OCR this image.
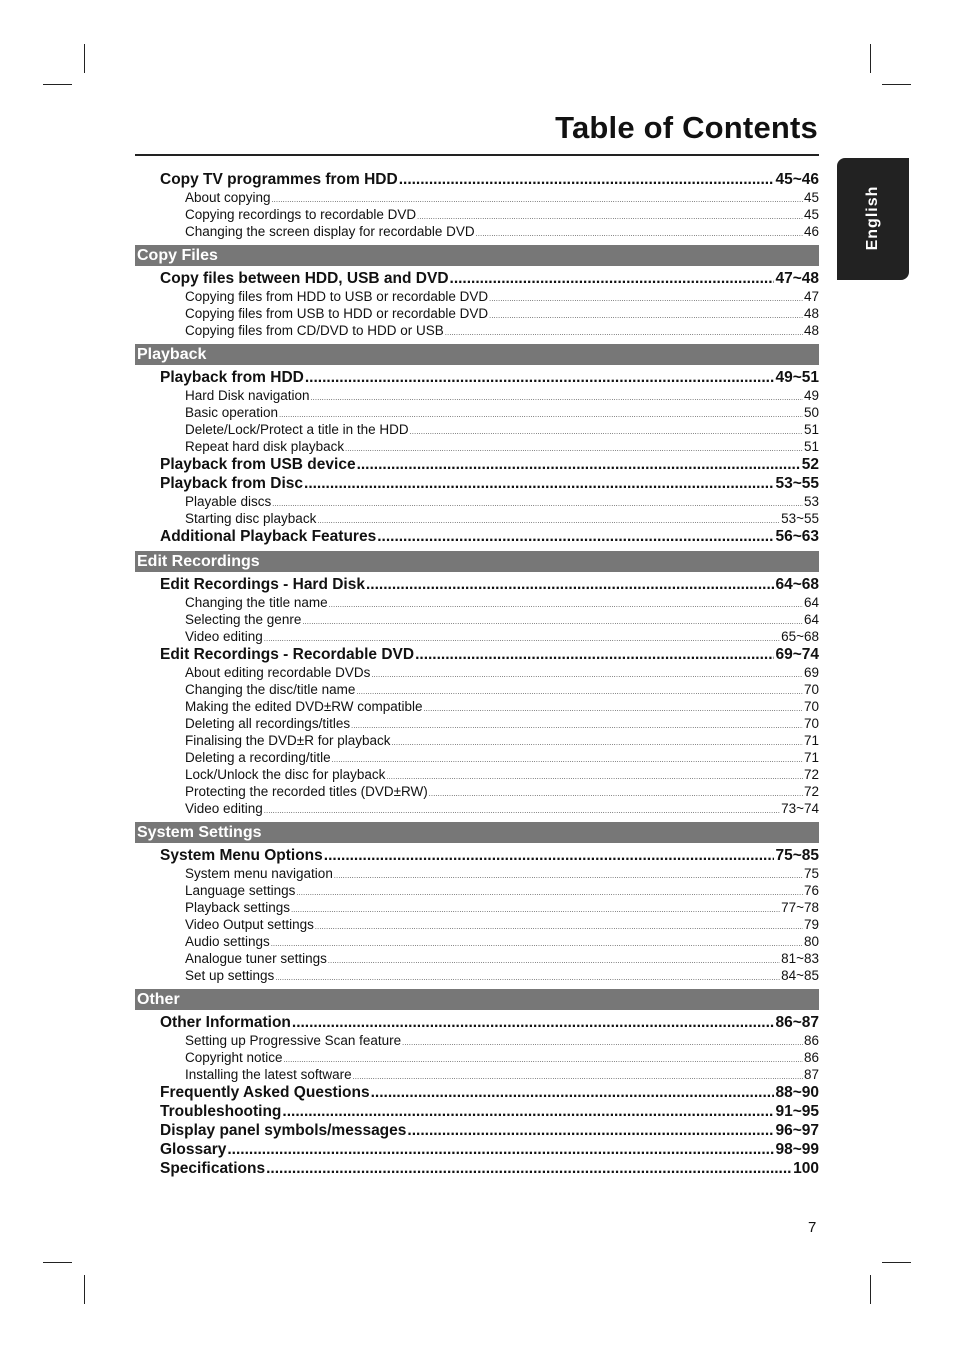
Table of Contents
English
Copy TV programmes from HDD .....	45~46
About copying .....	45
Copying recordings to recordable DVD .....	45
Changing the screen display for recordable DVD .....	46
Copy Files
Copy files between HDD, USB and DVD .....	47~48
Copying files from HDD to USB or recordable DVD .....	47
Copying files from USB to HDD or recordable DVD .....	48
Copying files from CD/DVD to HDD or USB .....	48
Playback
Playback from HDD .....	49~51
Hard Disk navigation .....	49
Basic operation .....	50
Delete/Lock/Protect a title in the HDD .....	51
Repeat hard disk playback .....	51
Playback from USB device .....	52
Playback from Disc .....	53~55
Playable discs .....	53
Starting disc playback .....	53~55
Additional Playback Features .....	56~63
Edit Recordings
Edit Recordings - Hard Disk .....	64~68
Changing the title name .....	64
Selecting the genre .....	64
Video editing .....	65~68
Edit Recordings - Recordable DVD .....	69~74
About editing recordable DVDs .....	69
Changing the disc/title name .....	70
Making the edited DVD±RW compatible .....	70
Deleting all recordings/titles .....	70
Finalising the DVD±R for playback .....	71
Deleting a recording/title .....	71
Lock/Unlock the disc for playback .....	72
Protecting the recorded titles (DVD±RW) .....	72
Video editing .....	73~74
System Settings
System Menu Options .....	75~85
System menu navigation .....	75
Language settings .....	76
Playback settings .....	77~78
Video Output settings .....	79
Audio settings .....	80
Analogue tuner settings .....	81~83
Set up settings .....	84~85
Other
Other Information .....	86~87
Setting up Progressive Scan feature .....	86
Copyright notice .....	86
Installing the latest software .....	87
Frequently Asked Questions .....	88~90
Troubleshooting .....	91~95
Display panel symbols/messages .....	96~97
Glossary .....	98~99
Specifications .....	100
7
